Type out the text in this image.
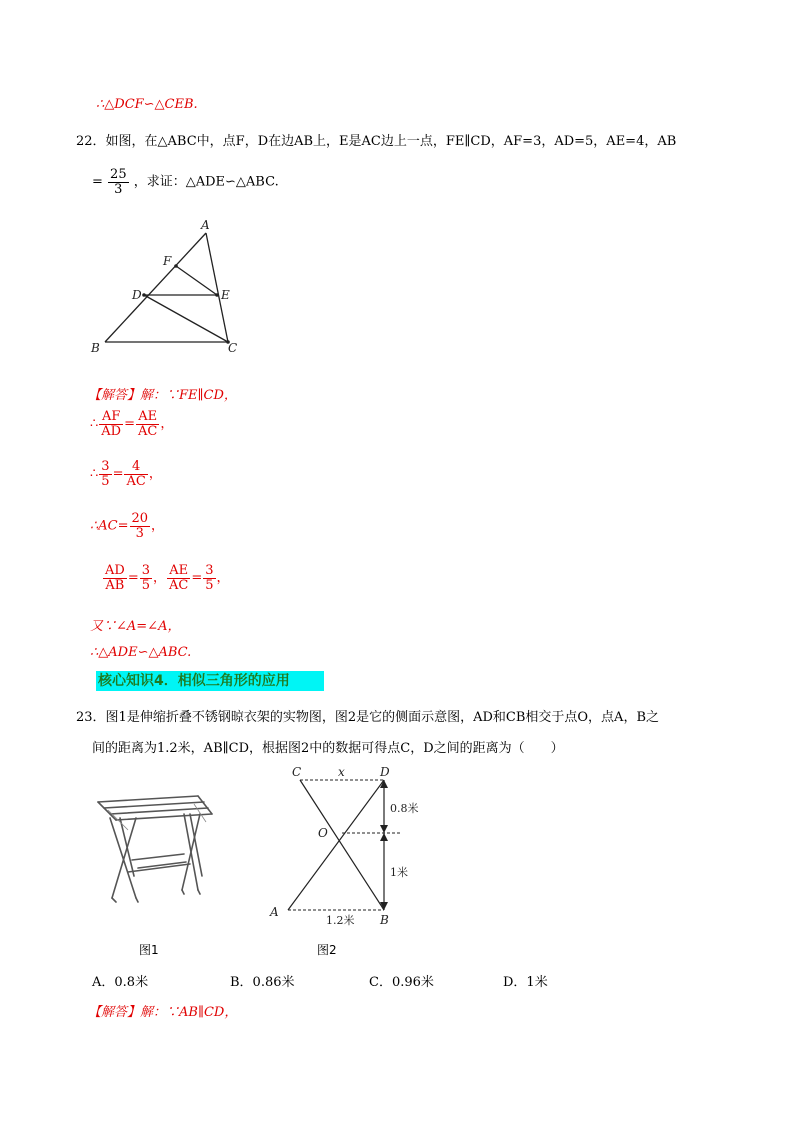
∴△DCF∽△CEB.
22．如图，在△ABC中，点F，D在边AB上，E是AC边上一点，FE∥CD，AF=3，AD=5，AE=4，AB
= $\frac{25}{3}$ ，求证：△ADE∽△ABC.
A
F
D	E
B	C
【解答】解：∵FE∥CD，
∴ $\frac{AF}{AD} = \frac{AE}{AC}$ ，
∴ $\frac{3}{5} = \frac{4}{AC}$ ，
∴AC= $\frac{20}{3}$ ，
$\frac{AD}{AB} = \frac{3}{5}$ ， $\frac{AE}{AC} = \frac{3}{5}$ ，
又∵∠A=∠A，
∴△ADE∽△ABC.
核心知识4．相似三角形的应用
23．图1是伸缩折叠不锈钢晾衣架的实物图，图2是它的侧面示意图，AD和CB相交于点O，点A，B之
间的距离为1.2米，AB∥CD，根据图2中的数据可得点C，D之间的距离为（　　）
图1
C	x	D
O
0.8米
1米
A
1.2米 B
图2
A．0.8米	B．0.86米	C．0.96米	D．1米
【解答】解：∵AB∥CD，
